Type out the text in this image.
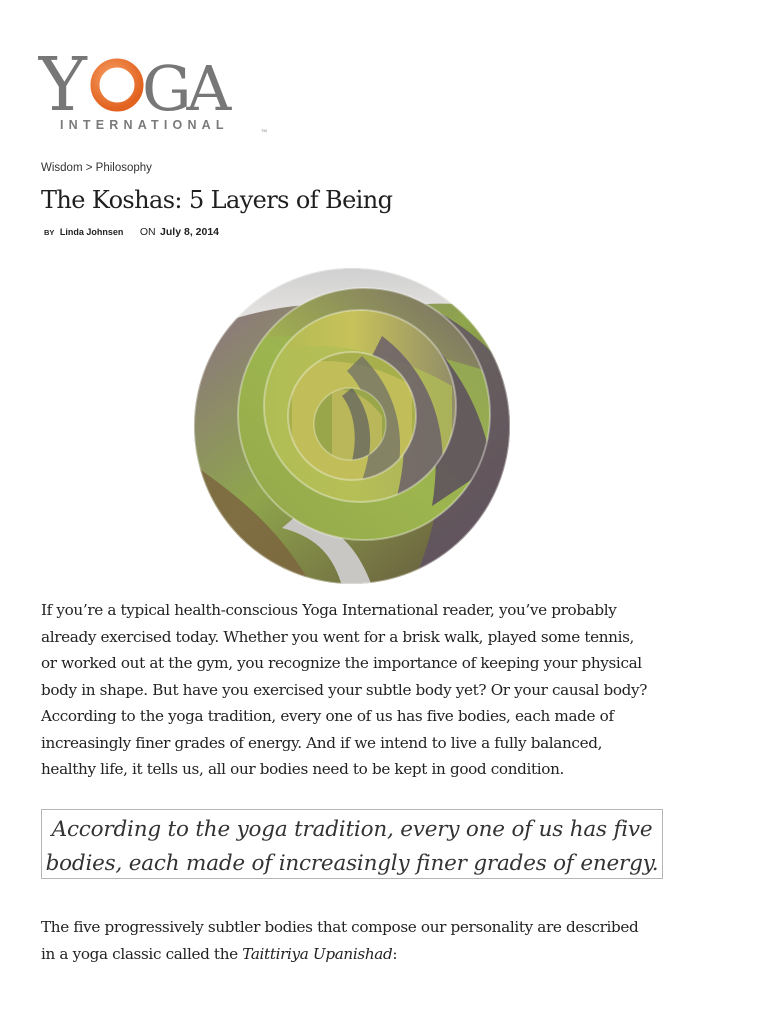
Y GA
INTERNATIONAL	TM
Wisdom > Philosophy
The Koshas: 5 Layers of Being
BY Linda Johnsen ON July 8, 2014

If you’re a typical health-conscious Yoga International reader, you’ve probably
already exercised today. Whether you went for a brisk walk, played some tennis,
or worked out at the gym, you recognize the importance of keeping your physical
body in shape. But have you exercised your subtle body yet? Or your causal body?
According to the yoga tradition, every one of us has five bodies, each made of
increasingly finer grades of energy. And if we intend to live a fully balanced,
healthy life, it tells us, all our bodies need to be kept in good condition.

According to the yoga tradition, every one of us has five
bodies, each made of increasingly finer grades of energy.

The five progressively subtler bodies that compose our personality are described
in a yoga classic called the Taittiriya Upanishad:
